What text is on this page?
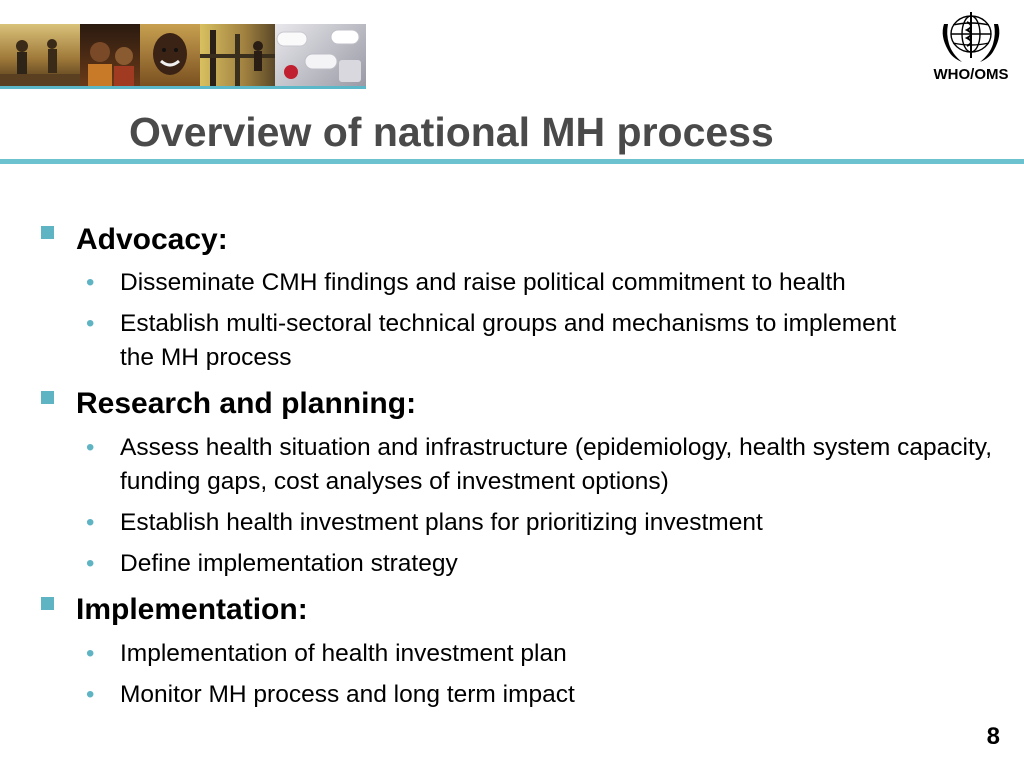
WHO/OMS
Overview of national MH process
Advocacy:
• Disseminate CMH findings and raise political commitment to health
• Establish multi-sectoral technical groups and mechanisms to implement the MH process
Research and planning:
• Assess health situation and infrastructure (epidemiology, health system capacity, funding gaps, cost analyses of investment options)
• Establish health investment plans for prioritizing investment
• Define implementation strategy
Implementation:
• Implementation of health investment plan
• Monitor MH process and long term impact
8
